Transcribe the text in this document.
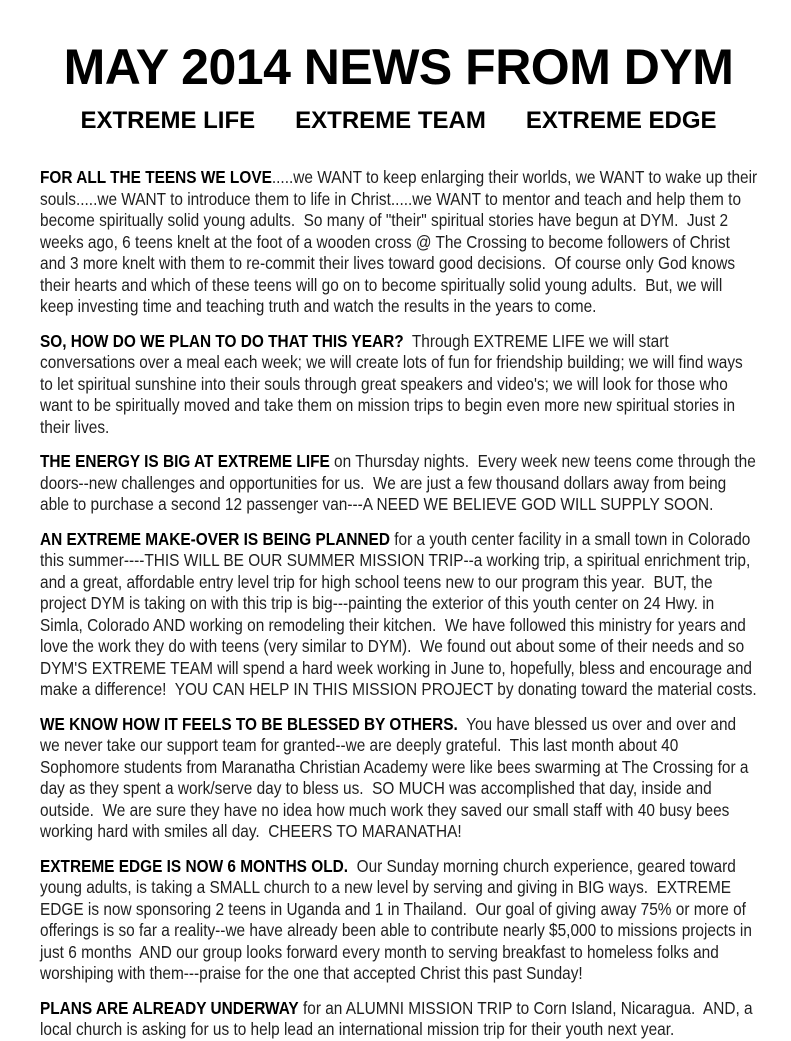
MAY 2014 NEWS FROM DYM
EXTREME LIFE EXTREME TEAM EXTREME EDGE

FOR ALL THE TEENS WE LOVE.....we WANT to keep enlarging their worlds, we WANT to wake up their souls.....we WANT to introduce them to life in Christ.....we WANT to mentor and teach and help them to become spiritually solid young adults.  So many of "their" spiritual stories have begun at DYM.  Just 2 weeks ago, 6 teens knelt at the foot of a wooden cross @ The Crossing to become followers of Christ and 3 more knelt with them to re-commit their lives toward good decisions.  Of course only God knows their hearts and which of these teens will go on to become spiritually solid young adults.  But, we will keep investing time and teaching truth and watch the results in the years to come.

SO, HOW DO WE PLAN TO DO THAT THIS YEAR?  Through EXTREME LIFE we will start conversations over a meal each week; we will create lots of fun for friendship building; we will find ways to let spiritual sunshine into their souls through great speakers and video's; we will look for those who want to be spiritually moved and take them on mission trips to begin even more new spiritual stories in their lives.

THE ENERGY IS BIG AT EXTREME LIFE on Thursday nights.  Every week new teens come through the doors--new challenges and opportunities for us.  We are just a few thousand dollars away from being able to purchase a second 12 passenger van---A NEED WE BELIEVE GOD WILL SUPPLY SOON.

AN EXTREME MAKE-OVER IS BEING PLANNED for a youth center facility in a small town in Colorado this summer----THIS WILL BE OUR SUMMER MISSION TRIP--a working trip, a spiritual enrichment trip, and a great, affordable entry level trip for high school teens new to our program this year.  BUT, the project DYM is taking on with this trip is big---painting the exterior of this youth center on 24 Hwy. in Simla, Colorado AND working on remodeling their kitchen.  We have followed this ministry for years and love the work they do with teens (very similar to DYM).  We found out about some of their needs and so DYM'S EXTREME TEAM will spend a hard week working in June to, hopefully, bless and encourage and make a difference!  YOU CAN HELP IN THIS MISSION PROJECT by donating toward the material costs.

WE KNOW HOW IT FEELS TO BE BLESSED BY OTHERS.  You have blessed us over and over and we never take our support team for granted--we are deeply grateful.  This last month about 40 Sophomore students from Maranatha Christian Academy were like bees swarming at The Crossing for a day as they spent a work/serve day to bless us.  SO MUCH was accomplished that day, inside and outside.  We are sure they have no idea how much work they saved our small staff with 40 busy bees working hard with smiles all day.  CHEERS TO MARANATHA!

EXTREME EDGE IS NOW 6 MONTHS OLD.  Our Sunday morning church experience, geared toward young adults, is taking a SMALL church to a new level by serving and giving in BIG ways.  EXTREME EDGE is now sponsoring 2 teens in Uganda and 1 in Thailand.  Our goal of giving away 75% or more of offerings is so far a reality--we have already been able to contribute nearly $5,000 to missions projects in just 6 months  AND our group looks forward every month to serving breakfast to homeless folks and worshiping with them---praise for the one that accepted Christ this past Sunday!

PLANS ARE ALREADY UNDERWAY for an ALUMNI MISSION TRIP to Corn Island, Nicaragua.  AND, a local church is asking for us to help lead an international mission trip for their youth next year.
